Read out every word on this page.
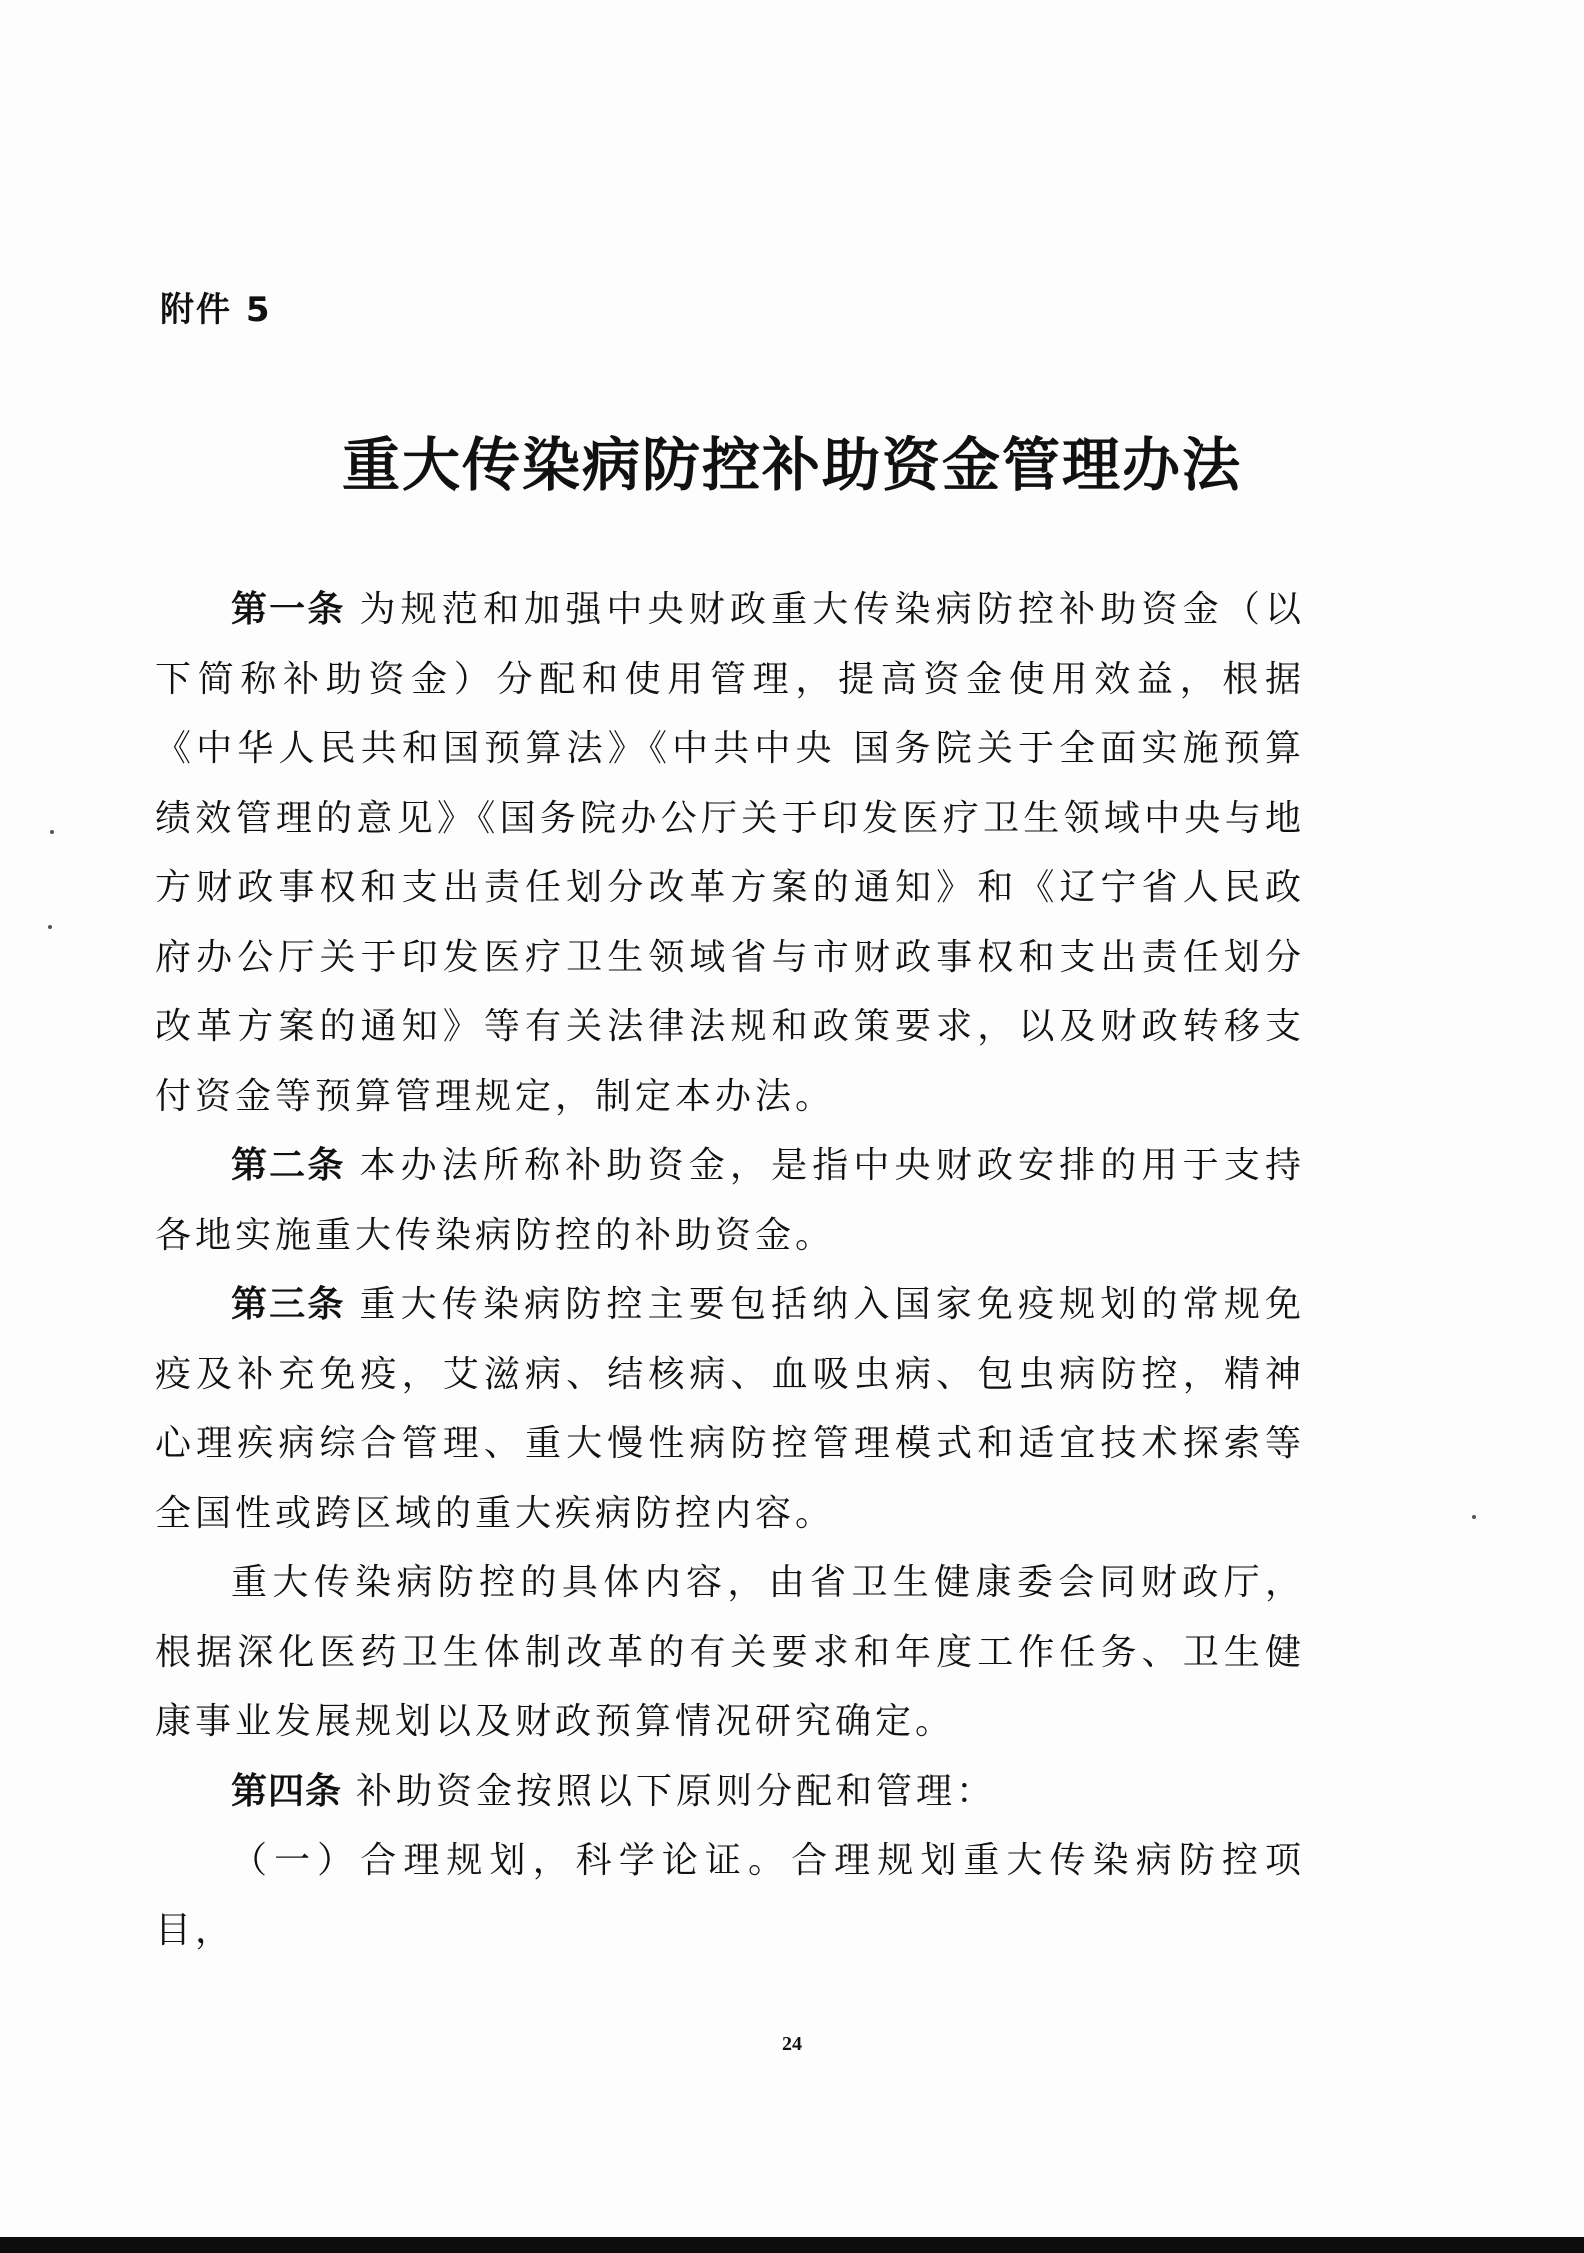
附件 5
重大传染病防控补助资金管理办法

第一条 为规范和加强中央财政重大传染病防控补助资金（以下简称补助资金）分配和使用管理，提高资金使用效益，根据《中华人民共和国预算法》《中共中央 国务院关于全面实施预算绩效管理的意见》《国务院办公厅关于印发医疗卫生领域中央与地方财政事权和支出责任划分改革方案的通知》和《辽宁省人民政府办公厅关于印发医疗卫生领域省与市财政事权和支出责任划分改革方案的通知》等有关法律法规和政策要求，以及财政转移支付资金等预算管理规定，制定本办法。

第二条 本办法所称补助资金，是指中央财政安排的用于支持各地实施重大传染病防控的补助资金。

第三条 重大传染病防控主要包括纳入国家免疫规划的常规免疫及补充免疫，艾滋病、结核病、血吸虫病、包虫病防控，精神心理疾病综合管理、重大慢性病防控管理模式和适宜技术探索等全国性或跨区域的重大疾病防控内容。

重大传染病防控的具体内容，由省卫生健康委会同财政厅，根据深化医药卫生体制改革的有关要求和年度工作任务、卫生健康事业发展规划以及财政预算情况研究确定。

第四条 补助资金按照以下原则分配和管理：

（一）合理规划，科学论证。合理规划重大传染病防控项目，

24
